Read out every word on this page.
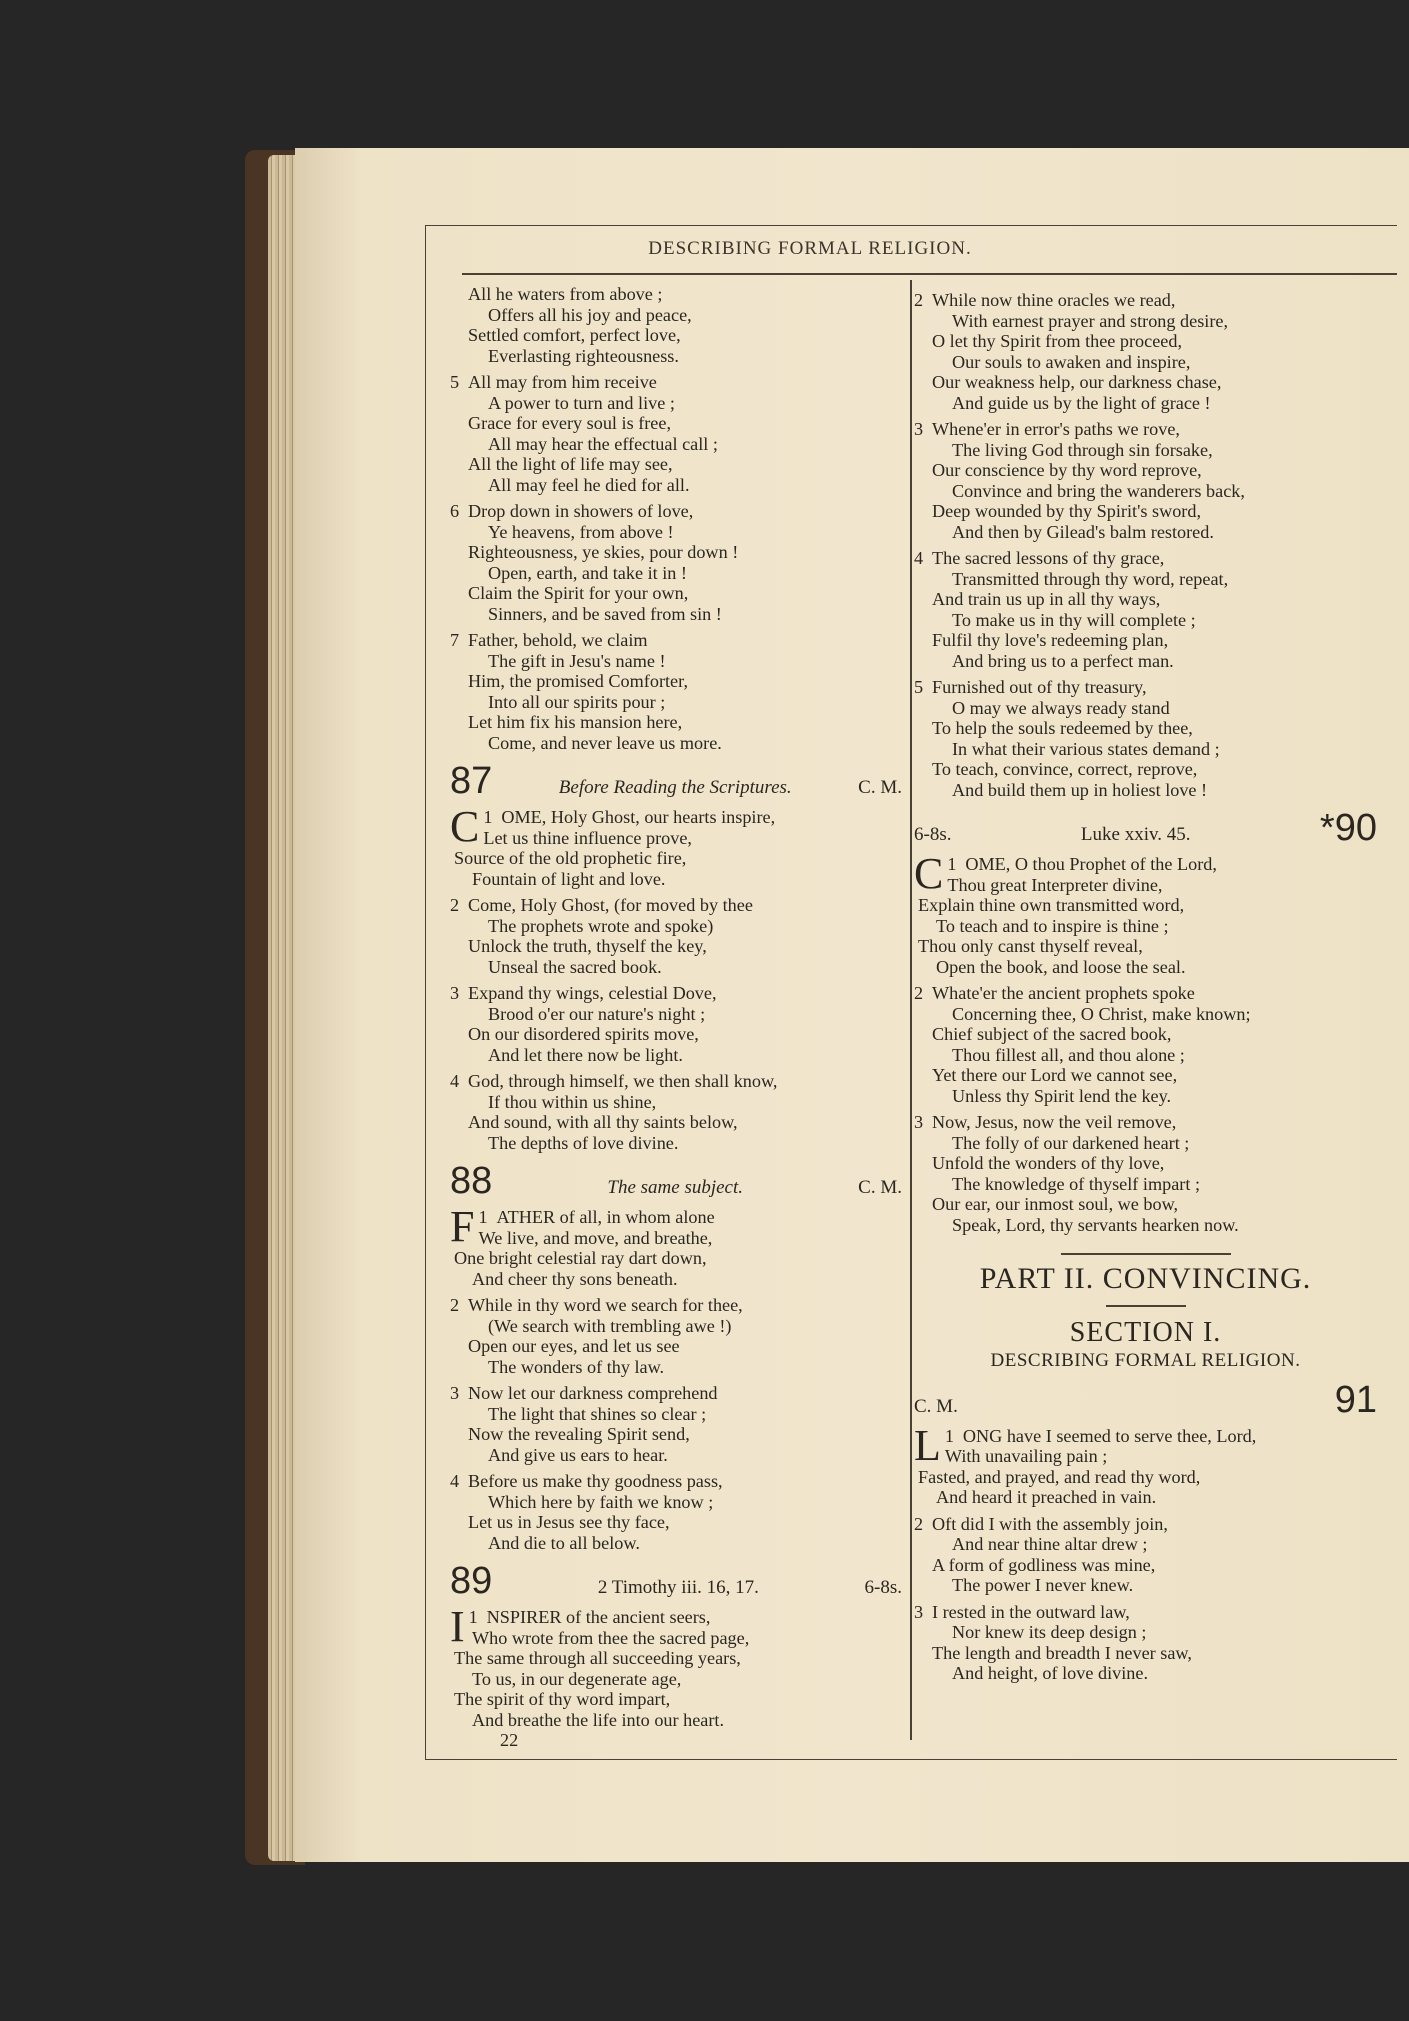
DESCRIBING FORMAL RELIGION.
All he waters from above ;
Offers all his joy and peace,
Settled comfort, perfect love,
Everlasting righteousness.
5 All may from him receive
A power to turn and live ;
Grace for every soul is free,
All may hear the effectual call ;
All the light of life may see,
All may feel he died for all.
6 Drop down in showers of love,
Ye heavens, from above !
Righteousness, ye skies, pour down !
Open, earth, and take it in !
Claim the Spirit for your own,
Sinners, and be saved from sin !
7 Father, behold, we claim
The gift in Jesu's name !
Him, the promised Comforter,
Into all our spirits pour ;
Let him fix his mansion here,
Come, and never leave us more.
87	Before Reading the Scriptures.	C. M.
1
C OME, Holy Ghost, our hearts inspire,
Let us thine influence prove,
Source of the old prophetic fire,
Fountain of light and love.
2 Come, Holy Ghost, (for moved by thee
The prophets wrote and spoke)
Unlock the truth, thyself the key,
Unseal the sacred book.
3 Expand thy wings, celestial Dove,
Brood o'er our nature's night ;
On our disordered spirits move,
And let there now be light.
4 God, through himself, we then shall know,
If thou within us shine,
And sound, with all thy saints below,
The depths of love divine.
88	The same subject.	C. M.
1
F ATHER of all, in whom alone
We live, and move, and breathe,
One bright celestial ray dart down,
And cheer thy sons beneath.
2 While in thy word we search for thee,
(We search with trembling awe !)
Open our eyes, and let us see
The wonders of thy law.
3 Now let our darkness comprehend
The light that shines so clear ;
Now the revealing Spirit send,
And give us ears to hear.
4 Before us make thy goodness pass,
Which here by faith we know ;
Let us in Jesus see thy face,
And die to all below.
89	2 Timothy iii. 16, 17.	6-8s.
1
I NSPIRER of the ancient seers,
Who wrote from thee the sacred page,
The same through all succeeding years,
To us, in our degenerate age,
The spirit of thy word impart,
And breathe the life into our heart.
22
2 While now thine oracles we read,
With earnest prayer and strong desire,
O let thy Spirit from thee proceed,
Our souls to awaken and inspire,
Our weakness help, our darkness chase,
And guide us by the light of grace !
3 Whene'er in error's paths we rove,
The living God through sin forsake,
Our conscience by thy word reprove,
Convince and bring the wanderers back,
Deep wounded by thy Spirit's sword,
And then by Gilead's balm restored.
4 The sacred lessons of thy grace,
Transmitted through thy word, repeat,
And train us up in all thy ways,
To make us in thy will complete ;
Fulfil thy love's redeeming plan,
And bring us to a perfect man.
5 Furnished out of thy treasury,
O may we always ready stand
To help the souls redeemed by thee,
In what their various states demand ;
To teach, convince, correct, reprove,
And build them up in holiest love !
6-8s.	Luke xxiv. 45.	*90
1
C OME, O thou Prophet of the Lord,
Thou great Interpreter divine,
Explain thine own transmitted word,
To teach and to inspire is thine ;
Thou only canst thyself reveal,
Open the book, and loose the seal.
2 Whate'er the ancient prophets spoke
Concerning thee, O Christ, make known;
Chief subject of the sacred book,
Thou fillest all, and thou alone ;
Yet there our Lord we cannot see,
Unless thy Spirit lend the key.
3 Now, Jesus, now the veil remove,
The folly of our darkened heart ;
Unfold the wonders of thy love,
The knowledge of thyself impart ;
Our ear, our inmost soul, we bow,
Speak, Lord, thy servants hearken now.
PART II. CONVINCING.
SECTION I.
DESCRIBING FORMAL RELIGION.
C. M.	91
1
L ONG have I seemed to serve thee, Lord,
With unavailing pain ;
Fasted, and prayed, and read thy word,
And heard it preached in vain.
2 Oft did I with the assembly join,
And near thine altar drew ;
A form of godliness was mine,
The power I never knew.
3 I rested in the outward law,
Nor knew its deep design ;
The length and breadth I never saw,
And height, of love divine.
